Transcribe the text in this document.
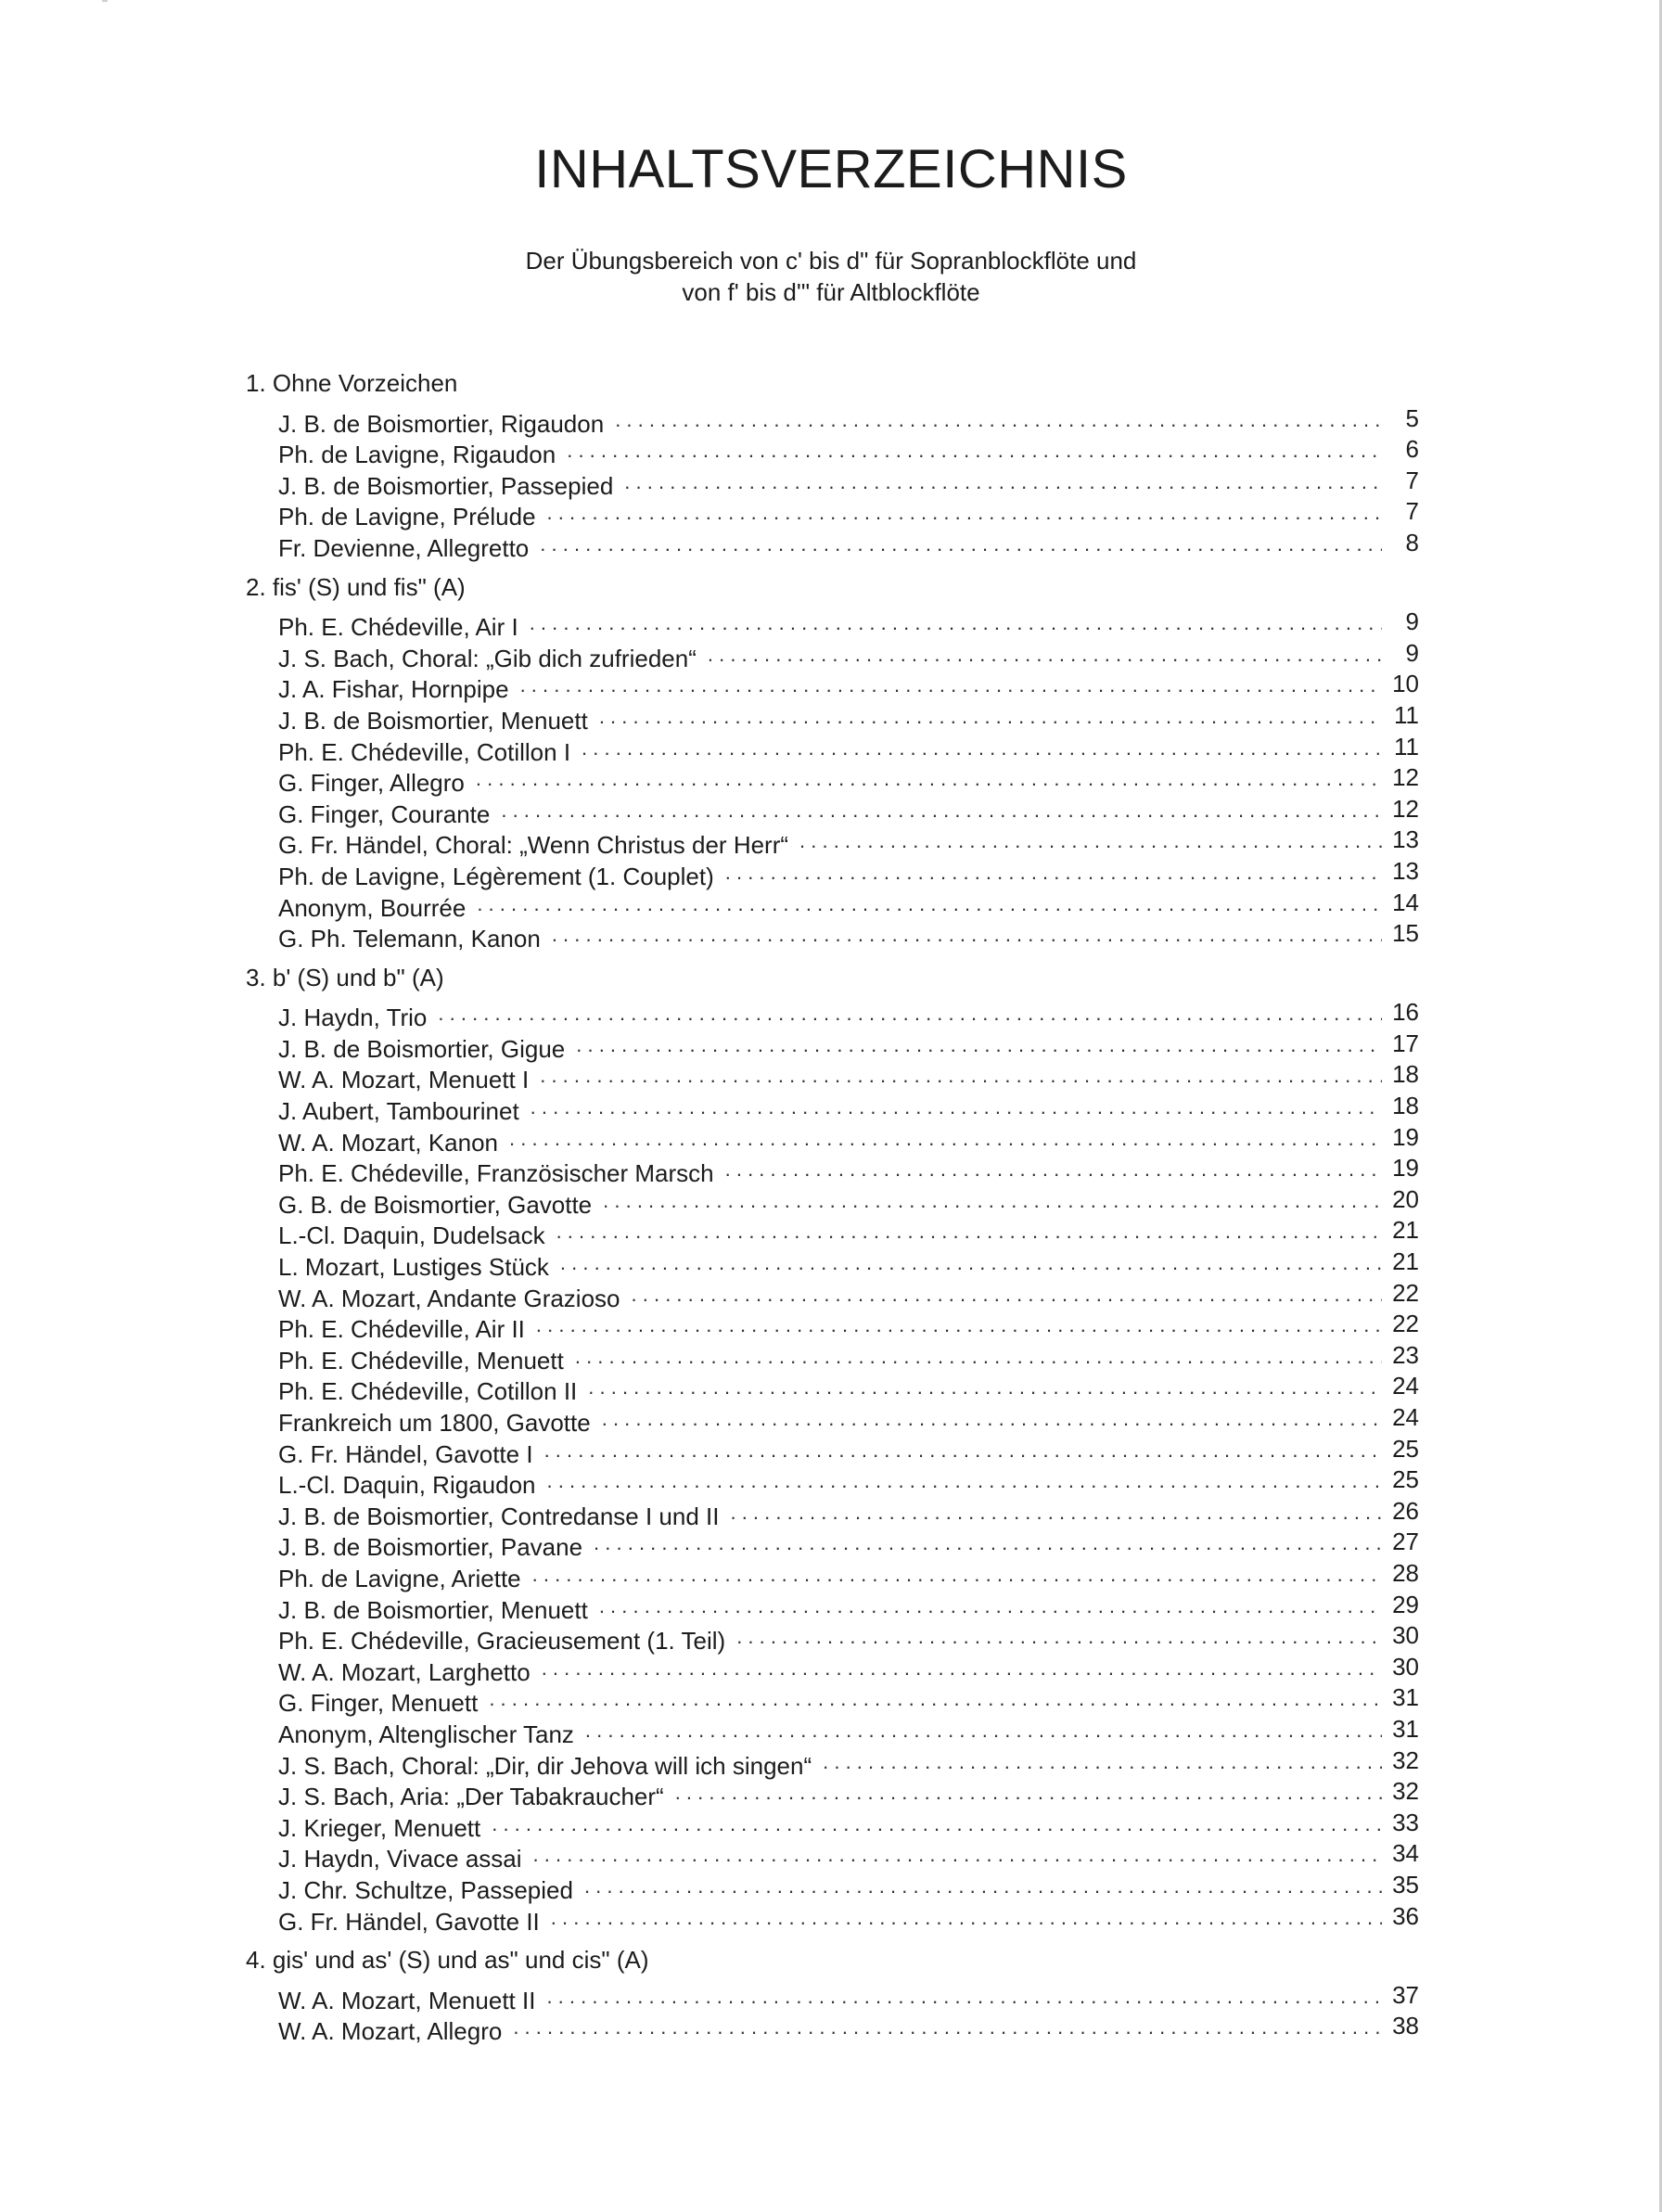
INHALTSVERZEICHNIS
Der Übungsbereich von c' bis d" für Sopranblockflöte und
von f' bis d'" für Altblockflöte
1. Ohne Vorzeichen
J. B. de Boismortier, Rigaudon . . .	5
Ph. de Lavigne, Rigaudon . . .	6
J. B. de Boismortier, Passepied . . .	7
Ph. de Lavigne, Prélude . . .	7
Fr. Devienne, Allegretto . . .	8
2. fis' (S) und fis" (A)
Ph. E. Chédeville, Air I . . .	9
J. S. Bach, Choral: „Gib dich zufrieden“ . . .	9
J. A. Fishar, Hornpipe . . .	10
J. B. de Boismortier, Menuett . . .	11
Ph. E. Chédeville, Cotillon I . . .	11
G. Finger, Allegro . . .	12
G. Finger, Courante . . .	12
G. Fr. Händel, Choral: „Wenn Christus der Herr“ . . .	13
Ph. de Lavigne, Légèrement (1. Couplet) . . .	13
Anonym, Bourrée . . .	14
G. Ph. Telemann, Kanon . . .	15
3. b' (S) und b" (A)
J. Haydn, Trio . . .	16
J. B. de Boismortier, Gigue . . .	17
W. A. Mozart, Menuett I . . .	18
J. Aubert, Tambourinet . . .	18
W. A. Mozart, Kanon . . .	19
Ph. E. Chédeville, Französischer Marsch . . .	19
G. B. de Boismortier, Gavotte . . .	20
L.-Cl. Daquin, Dudelsack . . .	21
L. Mozart, Lustiges Stück . . .	21
W. A. Mozart, Andante Grazioso . . .	22
Ph. E. Chédeville, Air II . . .	22
Ph. E. Chédeville, Menuett . . .	23
Ph. E. Chédeville, Cotillon II . . .	24
Frankreich um 1800, Gavotte . . .	24
G. Fr. Händel, Gavotte I . . .	25
L.-Cl. Daquin, Rigaudon . . .	25
J. B. de Boismortier, Contredanse I und II . . .	26
J. B. de Boismortier, Pavane . . .	27
Ph. de Lavigne, Ariette . . .	28
J. B. de Boismortier, Menuett . . .	29
Ph. E. Chédeville, Gracieusement (1. Teil) . . .	30
W. A. Mozart, Larghetto . . .	30
G. Finger, Menuett . . .	31
Anonym, Altenglischer Tanz . . .	31
J. S. Bach, Choral: „Dir, dir Jehova will ich singen“ . . .	32
J. S. Bach, Aria: „Der Tabakraucher“ . . .	32
J. Krieger, Menuett . . .	33
J. Haydn, Vivace assai . . .	34
J. Chr. Schultze, Passepied . . .	35
G. Fr. Händel, Gavotte II . . .	36
4. gis' und as' (S) und as" und cis" (A)
W. A. Mozart, Menuett II . . .	37
W. A. Mozart, Allegro . . .	38
